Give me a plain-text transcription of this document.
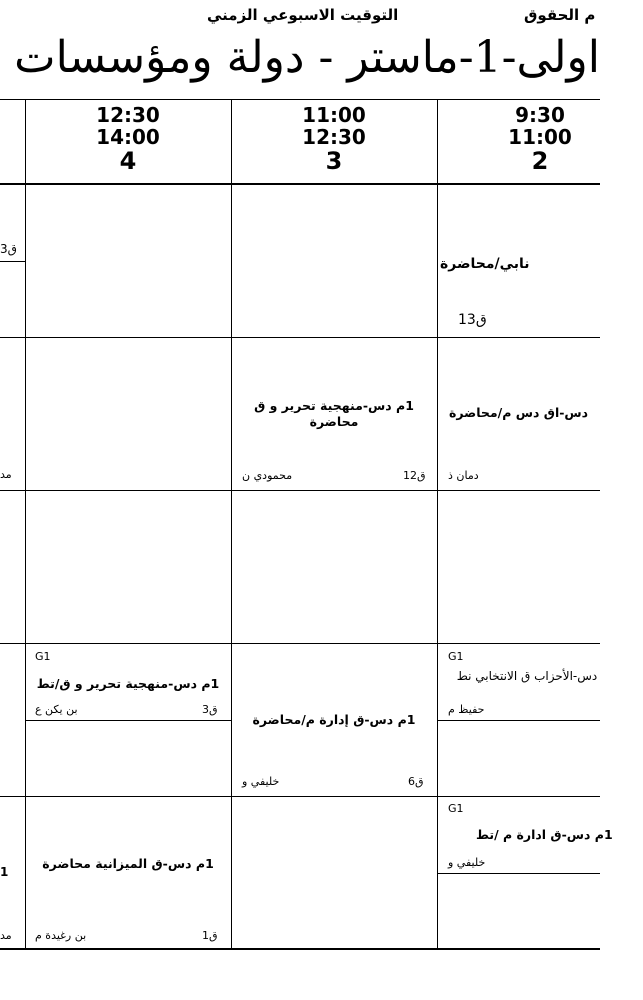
م الحقوق
التوقيت الاسبوعي الزمني
اولى-1-ماستر - دولة ومؤسسات
9:30
11:00
2
11:00
12:30
3
12:30
14:00
4
ق3
نابي/محاضرة
ق13
مد
دس-اق دس م/محاضرة
دمان ذ
1م دس-منهجية تحرير و ق محاضرة
ق12
محمودي ن
G1
دس-الأحزاب ق الانتخابي نط
حفيظ م
1م دس-ق إدارة م/محاضرة
ق6
خليفي و
G1
1م دس-منهجية تحرير و ق/تط
ق3
بن يكن ع
1
مد
G1
1م دس-ق ادارة م /تط
خليفي و
1م دس-ق الميزانية محاضرة
ق1
بن رغيدة م
